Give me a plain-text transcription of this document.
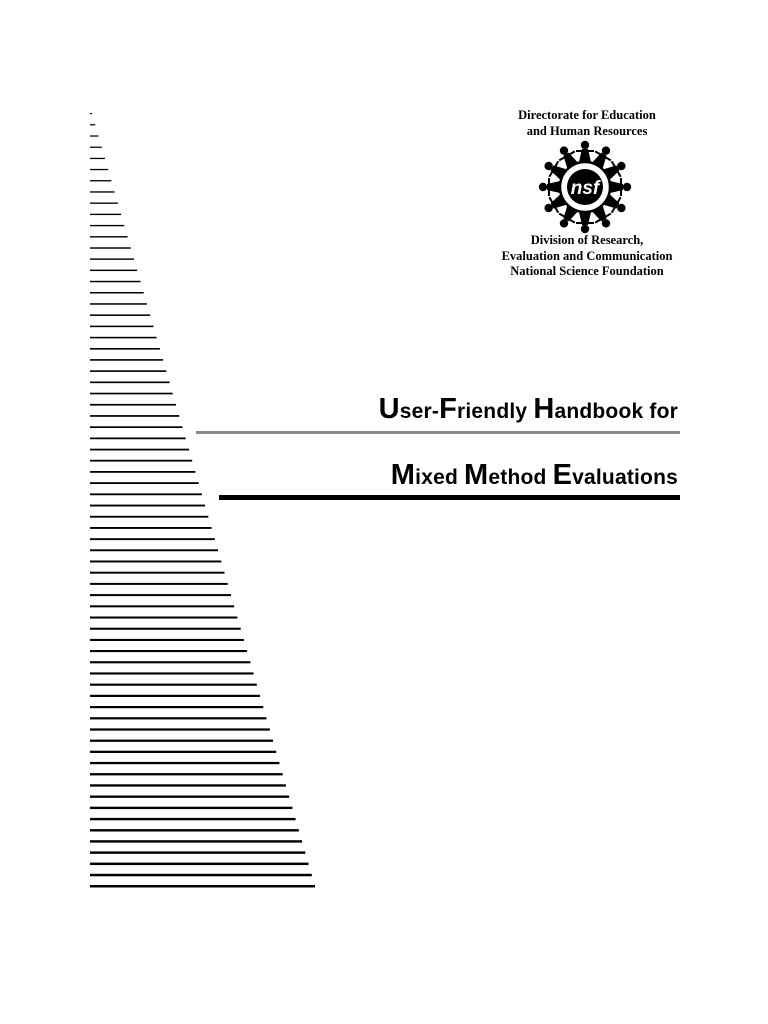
Directorate for Education
and Human Resources
nsf
Division of Research,
Evaluation and Communication
National Science Foundation
User-Friendly Handbook for
Mixed Method Evaluations
